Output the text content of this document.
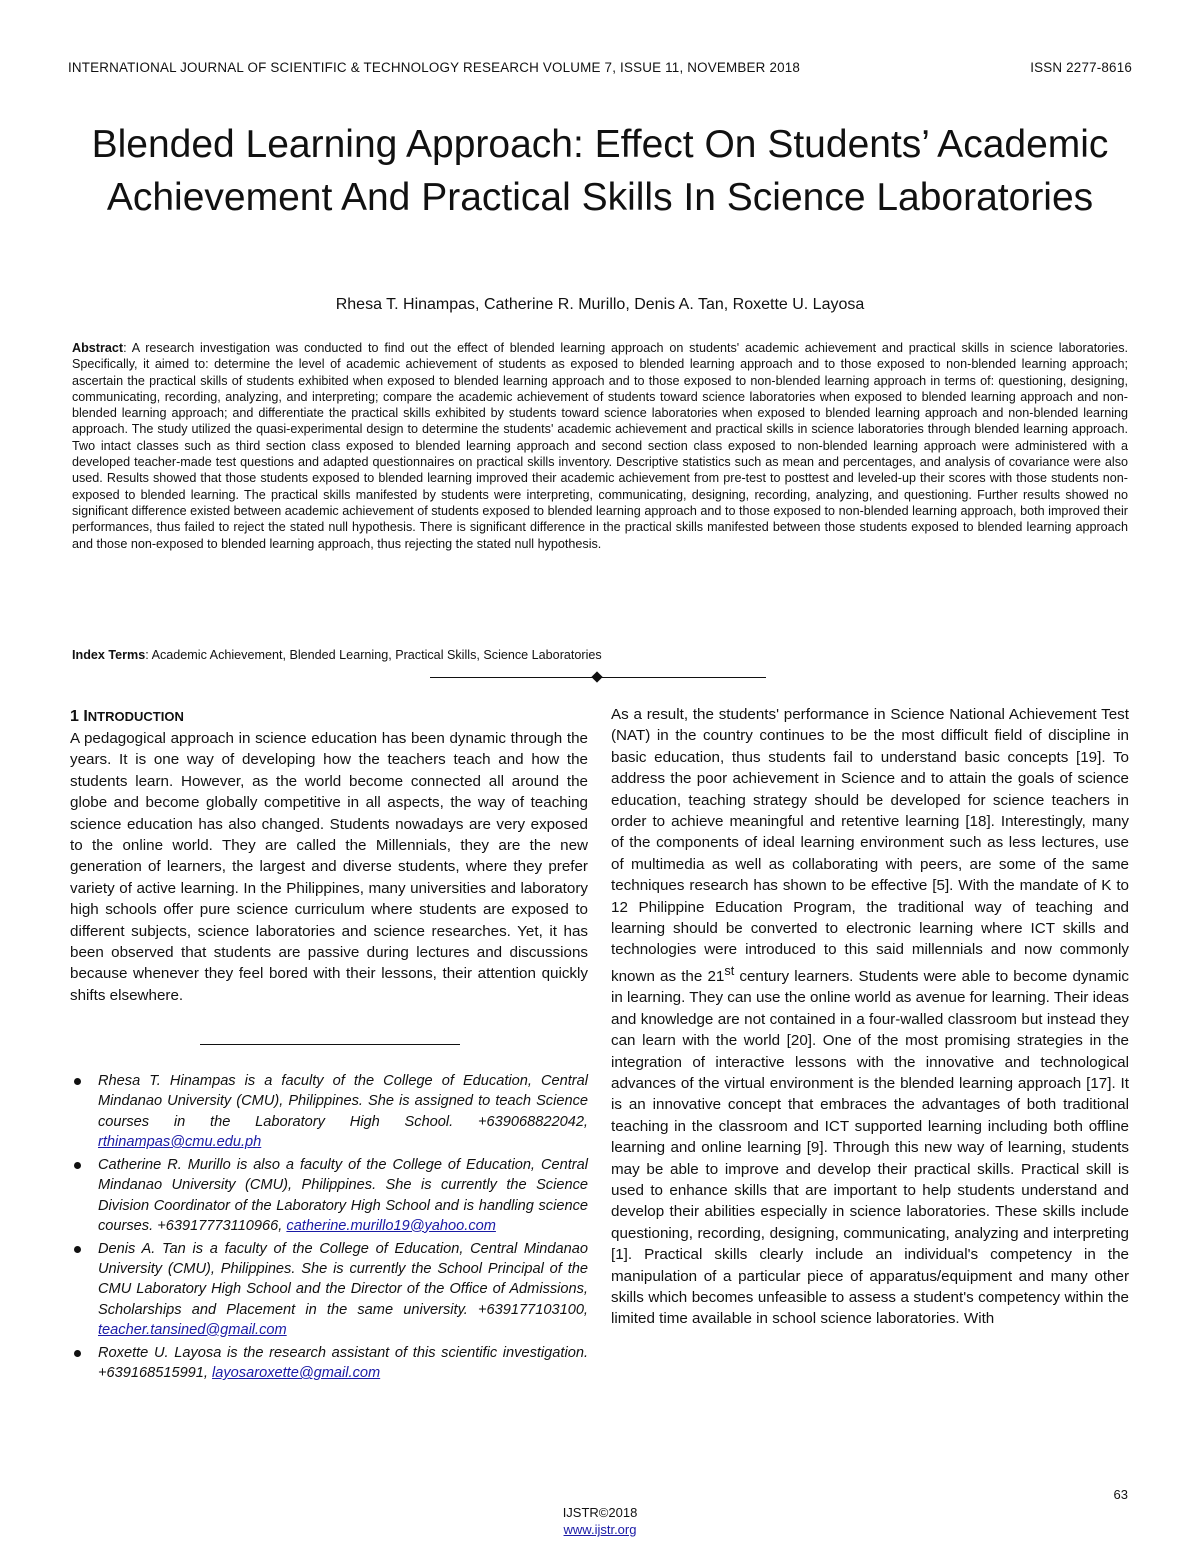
INTERNATIONAL JOURNAL OF SCIENTIFIC & TECHNOLOGY RESEARCH VOLUME 7, ISSUE 11, NOVEMBER 2018	ISSN 2277-8616
Blended Learning Approach: Effect On Students’ Academic Achievement And Practical Skills In Science Laboratories
Rhesa T. Hinampas, Catherine R. Murillo, Denis A. Tan, Roxette U. Layosa

Abstract: A research investigation was conducted to find out the effect of blended learning approach on students' academic achievement and practical skills in science laboratories. Specifically, it aimed to: determine the level of academic achievement of students as exposed to blended learning approach and to those exposed to non-blended learning approach; ascertain the practical skills of students exhibited when exposed to blended learning approach and to those exposed to non-blended learning approach in terms of: questioning, designing, communicating, recording, analyzing, and interpreting; compare the academic achievement of students toward science laboratories when exposed to blended learning approach and non-blended learning approach; and differentiate the practical skills exhibited by students toward science laboratories when exposed to blended learning approach and non-blended learning approach. The study utilized the quasi-experimental design to determine the students' academic achievement and practical skills in science laboratories through blended learning approach. Two intact classes such as third section class exposed to blended learning approach and second section class exposed to non-blended learning approach were administered with a developed teacher-made test questions and adapted questionnaires on practical skills inventory. Descriptive statistics such as mean and percentages, and analysis of covariance were also used. Results showed that those students exposed to blended learning improved their academic achievement from pre-test to posttest and leveled-up their scores with those students non-exposed to blended learning. The practical skills manifested by students were interpreting, communicating, designing, recording, analyzing, and questioning. Further results showed no significant difference existed between academic achievement of students exposed to blended learning approach and to those exposed to non-blended learning approach, both improved their performances, thus failed to reject the stated null hypothesis. There is significant difference in the practical skills manifested between those students exposed to blended learning approach and those non-exposed to blended learning approach, thus rejecting the stated null hypothesis.

Index Terms: Academic Achievement, Blended Learning, Practical Skills, Science Laboratories
1 INTRODUCTION

A pedagogical approach in science education has been dynamic through the years. It is one way of developing how the teachers teach and how the students learn. However, as the world become connected all around the globe and become globally competitive in all aspects, the way of teaching science education has also changed. Students nowadays are very exposed to the online world. They are called the Millennials, they are the new generation of learners, the largest and diverse students, where they prefer variety of active learning. In the Philippines, many universities and laboratory high schools offer pure science curriculum where students are exposed to different subjects, science laboratories and science researches. Yet, it has been observed that students are passive during lectures and discussions because whenever they feel bored with their lessons, their attention quickly shifts elsewhere.

Rhesa T. Hinampas is a faculty of the College of Education, Central Mindanao University (CMU), Philippines. She is assigned to teach Science courses in the Laboratory High School. +639068822042, rthinampas@cmu.edu.ph
Catherine R. Murillo is also a faculty of the College of Education, Central Mindanao University (CMU), Philippines. She is currently the Science Division Coordinator of the Laboratory High School and is handling science courses. +639177731109​66, catherine.murillo19@yahoo.com
Denis A. Tan is a faculty of the College of Education, Central Mindanao University (CMU), Philippines. She is currently the School Principal of the CMU Laboratory High School and the Director of the Office of Admissions, Scholarships and Placement in the same university. +639177103100, teacher.tansined@gmail.com
Roxette U. Layosa is the research assistant of this scientific investigation. +639168515991, layosaroxette@gmail.com

As a result, the students' performance in Science National Achievement Test (NAT) in the country continues to be the most difficult field of discipline in basic education, thus students fail to understand basic concepts [19]. To address the poor achievement in Science and to attain the goals of science education, teaching strategy should be developed for science teachers in order to achieve meaningful and retentive learning [18]. Interestingly, many of the components of ideal learning environment such as less lectures, use of multimedia as well as collaborating with peers, are some of the same techniques research has shown to be effective [5]. With the mandate of K to 12 Philippine Education Program, the traditional way of teaching and learning should be converted to electronic learning where ICT skills and technologies were introduced to this said millennials and now commonly known as the 21st century learners. Students were able to become dynamic in learning. They can use the online world as avenue for learning. Their ideas and knowledge are not contained in a four-walled classroom but instead they can learn with the world [20]. One of the most promising strategies in the integration of interactive lessons with the innovative and technological advances of the virtual environment is the blended learning approach [17]. It is an innovative concept that embraces the advantages of both traditional teaching in the classroom and ICT supported learning including both offline learning and online learning [9]. Through this new way of learning, students may be able to improve and develop their practical skills. Practical skill is used to enhance skills that are important to help students understand and develop their abilities especially in science laboratories. These skills include questioning, recording, designing, communicating, analyzing and interpreting [1]. Practical skills clearly include an individual's competency in the manipulation of a particular piece of apparatus/equipment and many other skills which becomes unfeasible to assess a student's competency within the limited time available in school science laboratories. With

63
IJSTR©2018
www.ijstr.org
